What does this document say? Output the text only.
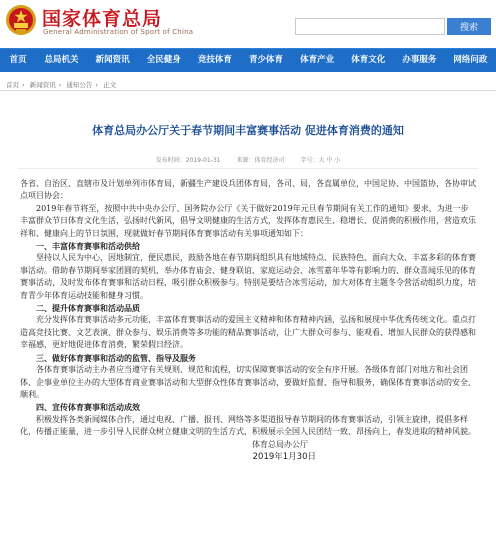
国家体育总局
General Administration of Sport of China	搜索
首页	总局机关	新闻资讯	全民健身	竞技体育	青少体育	体育产业	体育文化	办事服务	网络问政
首页 › 新闻资讯 › 通知公告 › 正文
体育总局办公厅关于春节期间丰富赛事活动 促进体育消费的通知
发布时间：2019-01-31	来源：体育经济司	字号：大 中 小

各省、自治区、直辖市及计划单列市体育局，新疆生产建设兵团体育局，各司、局，各直属单位，中国足协、中国篮协，各协审试点项目协会：

2019年春节将至，按照中共中央办公厅、国务院办公厅《关于做好2019年元旦春节期间有关工作的通知》要求，为进一步丰富群众节日体育文化生活，弘扬时代新风，倡导文明健康的生活方式，发挥体育惠民生、稳增长、促消费的积极作用，营造欢乐祥和、健康向上的节日氛围，现就做好春节期间体育赛事活动有关事项通知如下：

一、丰富体育赛事和活动供给

坚持以人民为中心，因地制宜，便民惠民，鼓励各地在春节期间组织具有地域特点、民族特色、面向大众、丰富多彩的体育赛事活动。借助春节期间举家团圆的契机，举办体育庙会、健身联谊、家庭运动会、冰雪嘉年华等有影响力的、群众喜闻乐见的体育赛事活动，及时发布体育赛事和活动日程，吸引群众积极参与。特别是要结合冰雪运动，加大对体育主题冬令营活动组织力度，培育青少年体育运动技能和健身习惯。

二、提升体育赛事和活动品质

充分发挥体育赛事活动多元功能，丰富体育赛事活动的爱国主义精神和体育精神内涵，弘扬和展现中华优秀传统文化。重点打造高竞技比赛、文艺表演、群众参与、娱乐消费等多功能的精品赛事活动，让广大群众可参与、能观看、增加人民群众的获得感和幸福感，更好地促进体育消费，繁荣假日经济。

三、做好体育赛事和活动的监管、指导及服务

各体育赛事活动主办者应当遵守有关规则、规范和流程，切实保障赛事活动的安全有序开展。各级体育部门对地方和社会团体、企事业单位主办的大型体育商业赛事活动和大型群众性体育赛事活动，要做好监督、指导和服务，确保体育赛事活动的安全、顺利。

四、宣传体育赛事和活动成效

积极发挥各类新闻媒体合作，通过电视、广播、报刊、网络等多渠道报导春节期间的体育赛事活动，引领主旋律，提倡多样化，传播正能量，进一步引导人民群众树立健康文明的生活方式，积极展示全国人民团结一致、昂扬向上，春发进取的精神风貌。

体育总局办公厅

2019年1月30日
